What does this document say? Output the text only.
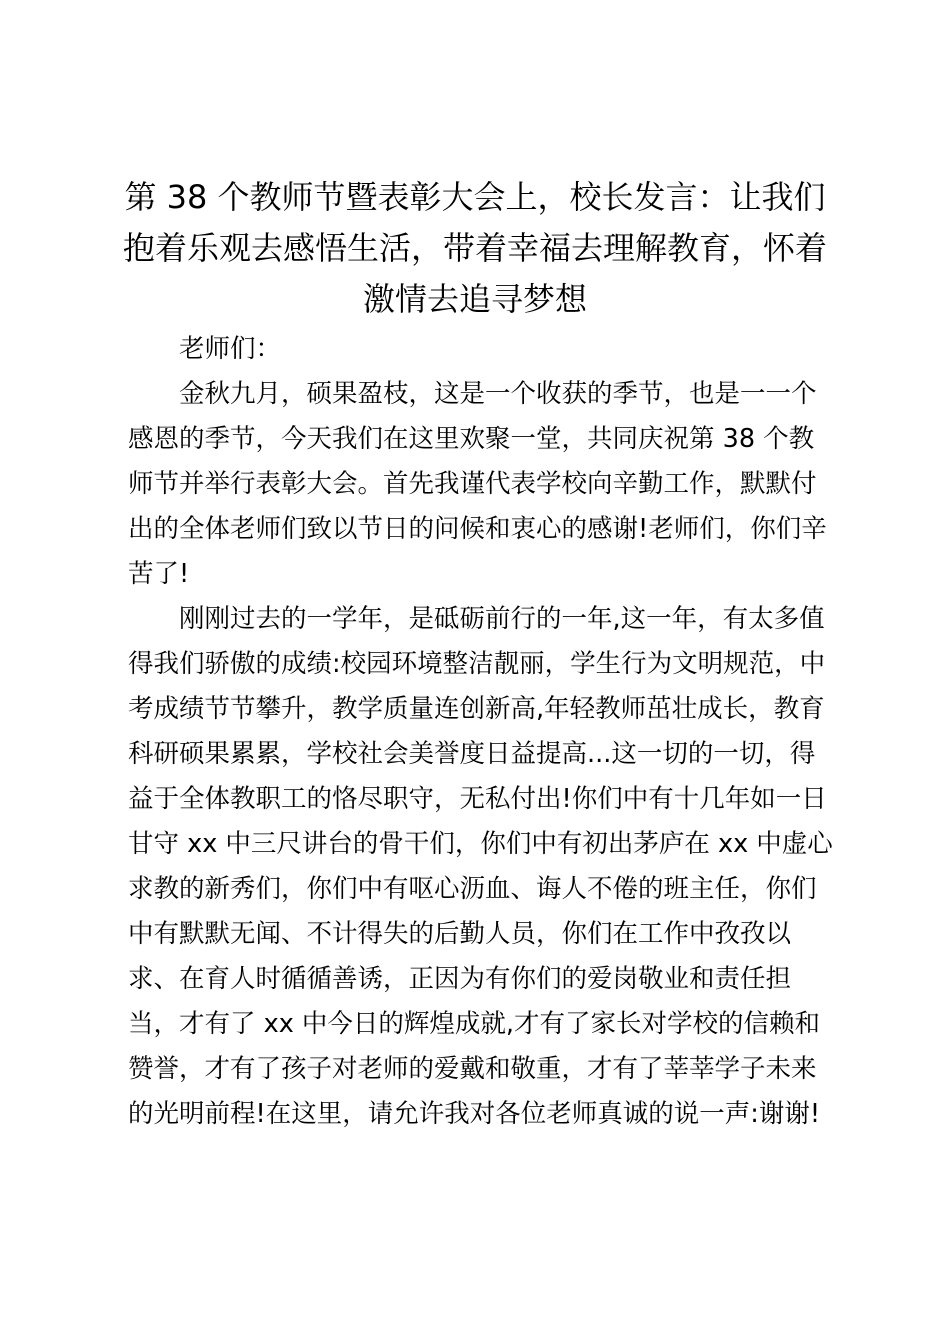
第 38 个教师节暨表彰大会上，校长发言：让我们抱着乐观去感悟生活，带着幸福去理解教育，怀着激情去追寻梦想

老师们：

金秋九月，硕果盈枝，这是一个收获的季节，也是一一个感恩的季节，今天我们在这里欢聚一堂，共同庆祝第 38 个教师节并举行表彰大会。首先我谨代表学校向辛勤工作，默默付出的全体老师们致以节日的问候和衷心的感谢!老师们，你们辛苦了!

刚刚过去的一学年，是砥砺前行的一年,这一年，有太多值得我们骄傲的成绩:校园环境整洁靓丽，学生行为文明规范，中考成绩节节攀升，教学质量连创新高,年轻教师茁壮成长，教育科研硕果累累，学校社会美誉度日益提高...这一切的一切，得益于全体教职工的恪尽职守，无私付出!你们中有十几年如一日甘守 xx 中三尺讲台的骨干们，你们中有初出茅庐在 xx 中虚心求教的新秀们，你们中有呕心沥血、诲人不倦的班主任，你们中有默默无闻、不计得失的后勤人员，你们在工作中孜孜以求、在育人时循循善诱，正因为有你们的爱岗敬业和责任担当，才有了 xx 中今日的辉煌成就,才有了家长对学校的信赖和赞誉，才有了孩子对老师的爱戴和敬重，才有了莘莘学子未来的光明前程!在这里，请允许我对各位老师真诚的说一声:谢谢!
